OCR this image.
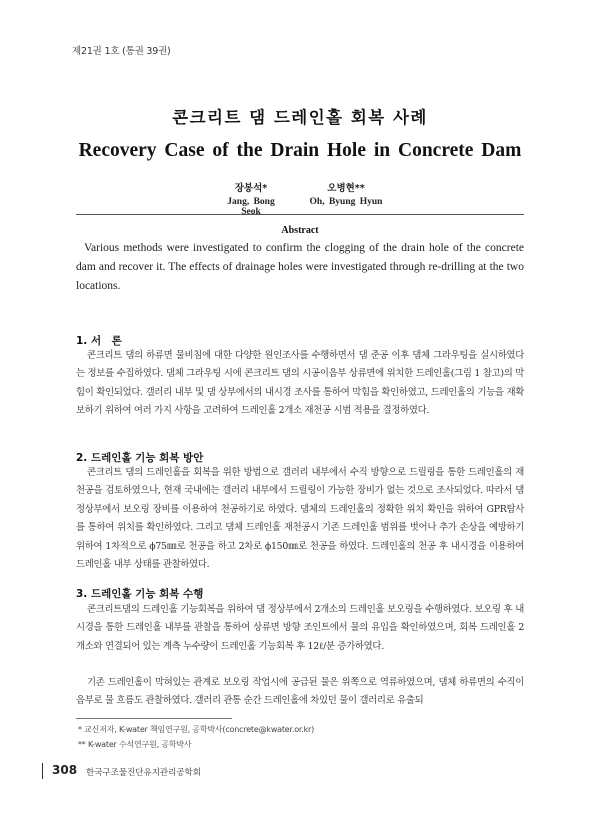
제21권 1호 (통권 39권)
콘크리트 댐 드레인홀 회복 사례
Recovery Case of the Drain Hole in Concrete Dam
장봉석*
Jang, Bong Seok
오병현**
Oh, Byung Hyun
Abstract
Various methods were investigated to confirm the clogging of the drain hole of the concrete dam and recover it. The effects of drainage holes were investigated through re-drilling at the two locations.
1. 서　론
콘크리트 댐의 하류면 물비침에 대한 다양한 원인조사를 수행하면서 댐 준공 이후 댐체 그라우팅을 실시하였다는 정보를 수집하였다. 댐체 그라우팅 시에 콘크리트 댐의 시공이음부 상류면에 위치한 드레인홀(그림 1 참고)의 막힘이 확인되었다. 갤러리 내부 및 댐 상부에서의 내시경 조사를 통하여 막힘을 확인하였고, 드레인홀의 기능을 재확보하기 위하여 여러 가지 사항을 고려하여 드레인홀 2개소 재천공 시범 적용을 결정하였다.
2. 드레인홀 기능 회복 방안
콘크리트 댐의 드레인홀을 회복을 위한 방법으로 갤러리 내부에서 수직 방향으로 드릴링을 통한 드레인홀의 재천공을 검토하였으나, 현재 국내에는 갤러리 내부에서 드릴링이 가능한 장비가 없는 것으로 조사되었다. 따라서 댐 정상부에서 보오링 장비를 이용하여 천공하기로 하였다. 댐체의 드레인홀의 정확한 위치 확인을 위하여 GPR탐사를 통하여 위치를 확인하였다. 그리고 댐체 드레인홀 재천공시 기존 드레인홀 범위를 벗어나 추가 손상을 예방하기 위하여 1차적으로 ϕ75㎜로 천공을 하고 2차로 ϕ150㎜로 천공을 하였다. 드레인홀의 천공 후 내시경을 이용하여 드레인홀 내부 상태를 관찰하였다.
3. 드레인홀 기능 회복 수행
콘크리트댐의 드레인홀 기능회복을 위하여 댐 정상부에서 2개소의 드레인홀 보오링을 수행하였다. 보오링 후 내시경을 통한 드레인홀 내부를 관찰을 통하여 상류면 방향 조인트에서 물의 유입을 확인하였으며, 회복 드레인홀 2개소와 연결되어 있는 계측 누수량이 드레인홀 기능회복 후 12ℓ/분 증가하였다.
기존 드레인홀이 막혀있는 관계로 보오링 작업시에 공급된 물은 위쪽으로 역류하였으며, 댐체 하류면의 수직이음부로 물 흐름도 관찰하였다. 갤러리 관통 순간 드레인홀에 차있던 물이 갤러리로 유출되
* 교신저자, K-water 책임연구원, 공학박사(concrete@kwater.or.kr)
** K-water 수석연구원, 공학박사
308 한국구조물진단유지관리공학회
